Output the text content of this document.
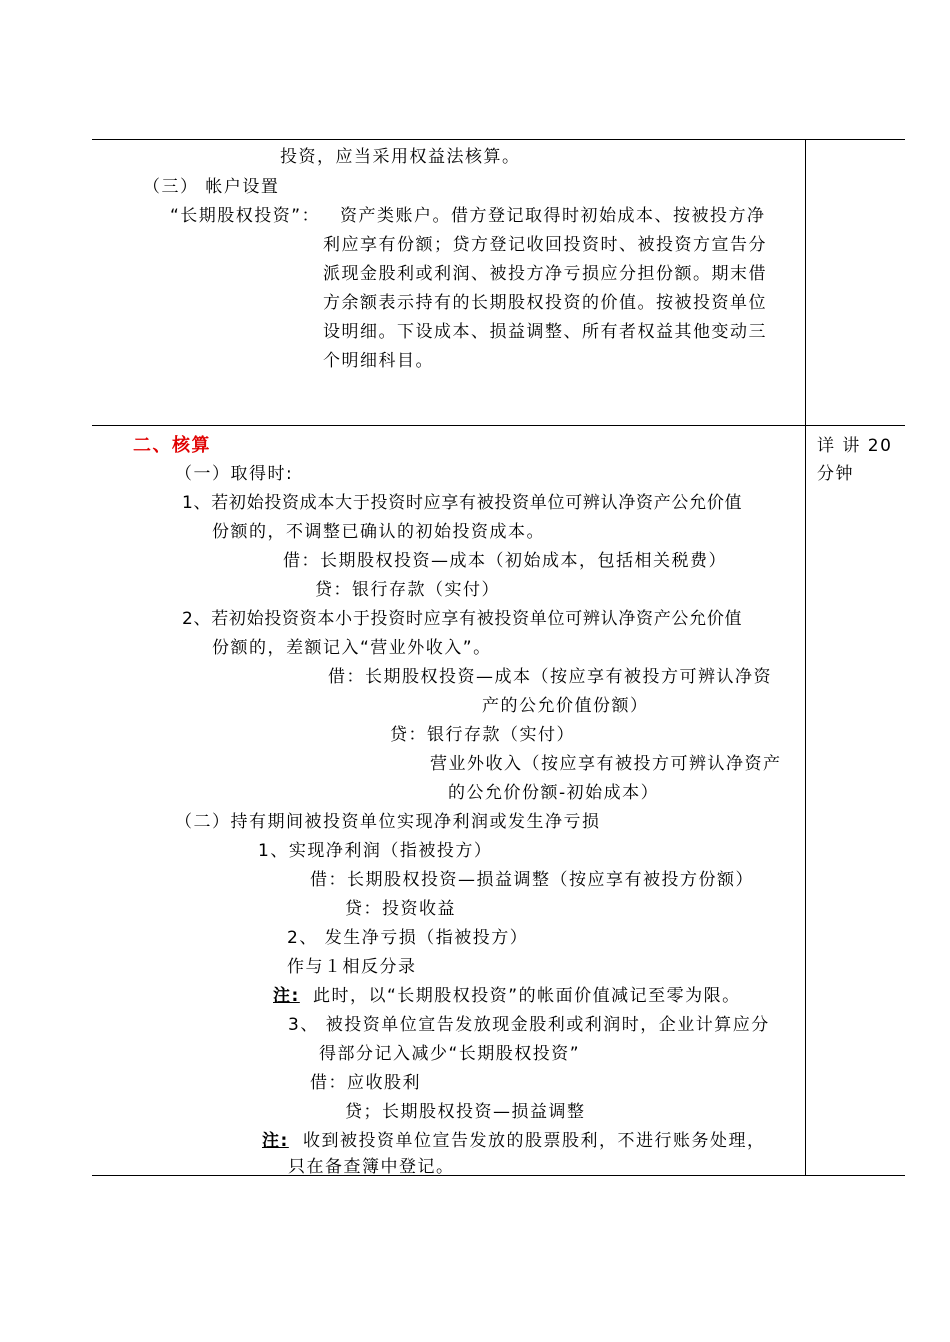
投资，应当采用权益法核算。
（三） 帐户设置
“长期股权投资”： 资产类账户。借方登记取得时初始成本、按被投方净
利应享有份额；贷方登记收回投资时、被投资方宣告分
派现金股利或利润、被投方净亏损应分担份额。期末借
方余额表示持有的长期股权投资的价值。按被投资单位
设明细。下设成本、损益调整、所有者权益其他变动三
个明细科目。
二、核算	详 讲 20
分钟
（一）取得时:
1、若初始投资成本大于投资时应享有被投资单位可辨认净资产公允价值
份额的，不调整已确认的初始投资成本。
借：长期股权投资—成本（初始成本，包括相关税费）
贷：银行存款（实付）
2、若初始投资资本小于投资时应享有被投资单位可辨认净资产公允价值
份额的，差额记入“营业外收入”。
借：长期股权投资—成本（按应享有被投方可辨认净资
产的公允价值份额）
贷：银行存款（实付）
营业外收入（按应享有被投方可辨认净资产
的公允价份额-初始成本）
（二）持有期间被投资单位实现净利润或发生净亏损
1、实现净利润（指被投方）
借：长期股权投资—损益调整（按应享有被投方份额）
贷：投资收益
2、 发生净亏损（指被投方）
作与１相反分录
注: 此时，以“长期股权投资”的帐面价值减记至零为限。
3、 被投资单位宣告发放现金股利或利润时，企业计算应分
得部分记入减少“长期股权投资”
借：应收股利
贷；长期股权投资—损益调整
注: 收到被投资单位宣告发放的股票股利，不进行账务处理，
只在备查簿中登记。
